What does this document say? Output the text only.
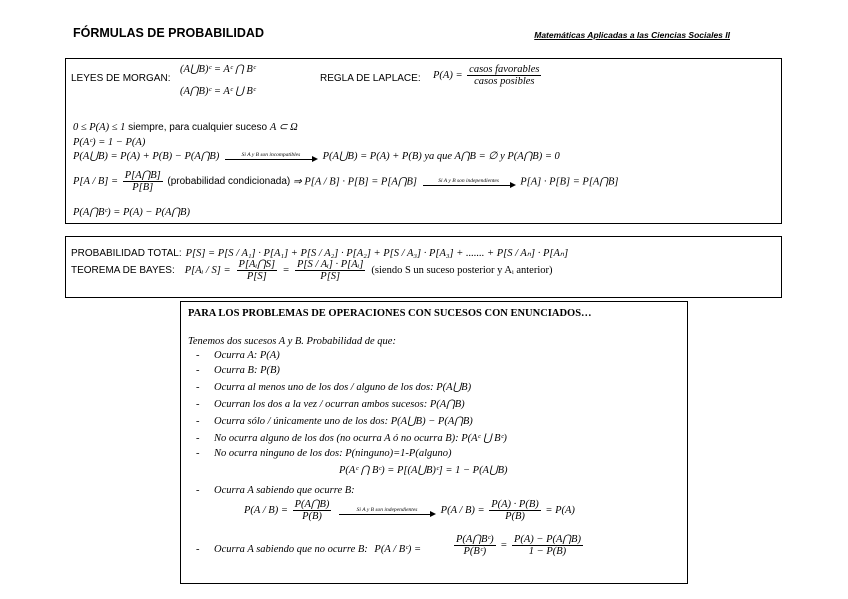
FÓRMULAS DE PROBABILIDAD	Matemáticas Aplicadas a las Ciencias Sociales II
LEYES DE MORGAN:
(A⋃B)ᶜ = Aᶜ ⋂ Bᶜ
(A⋂B)ᶜ = Aᶜ ⋃ Bᶜ
REGLA DE LAPLACE: $P(A) = \frac{\text{casos favorables}}{\text{casos posibles}}$
0 ≤ P(A) ≤ 1 siempre, para cualquier suceso A ⊂ Ω
P(Aᶜ) = 1 − P(A)
P(A⋃B) = P(A) + P(B) − P(A⋂B)	Si A y B son incompatibles	P(A⋃B) = P(A) + P(B) ya que A⋂B = ∅ y P(A⋂B) = 0
$P[A / B] = \frac{P[A⋂B]}{P[B]}$ (probabilidad condicionada) ⇒ P[A / B] · P[B] = P[A⋂B]	Si A y B son independientes	P[A] · P[B] = P[A⋂B]
P(A⋂Bᶜ) = P(A) − P(A⋂B)
PROBABILIDAD TOTAL: P[S] = P[S / A₁] · P[A₁] + P[S / A₂] · P[A₂] + P[S / A₃] · P[A₃] + ....... + P[S / Aₙ] · P[Aₙ]
TEOREMA DE BAYES: P[Aᵢ / $S] = \frac{\text{P[Aᵢ⋂S]}}{P[S]} = \frac{\text{P[S / Aᵢ] · P[Aᵢ]}}{P[S]}$ (siendo S un suceso posterior y Aᵢ anterior)
PARA LOS PROBLEMAS DE OPERACIONES CON SUCESOS CON ENUNCIADOS…
Tenemos dos sucesos A y B. Probabilidad de que:
- Ocurra A: P(A)
- Ocurra B: P(B)
- Ocurra al menos uno de los dos / alguno de los dos: P(A⋃B)
- Ocurran los dos a la vez / ocurran ambos sucesos: P(A⋂B)
- Ocurra sólo / únicamente uno de los dos: P(A⋃B) − P(A⋂B)
- No ocurra alguno de los dos (no ocurra A ó no ocurra B): P(Aᶜ ⋃ Bᶜ)
- No ocurra ninguno de los dos: P(ninguno)=1-P(alguno)
P(Aᶜ ⋂ Bᶜ) = P[(A⋃B)ᶜ] = 1 − P(A⋃B)
- Ocurra A sabiendo que ocurre B:
$P(A / B) = \frac{P(A⋂B)}{P(B)}$
	Si A y B son independientes	$P(A / B) = \frac{P(A) \cdot P(B)}{P(B)} = P(A)$
- Ocurra A sabiendo que no ocurre B: P(A / Bᶜ) =	$\frac{\text{P(A⋂Bᶜ)}}{\text{P(Bᶜ)}} = \frac{P(A) - P(A⋂B)}{1 - P(B)}$
